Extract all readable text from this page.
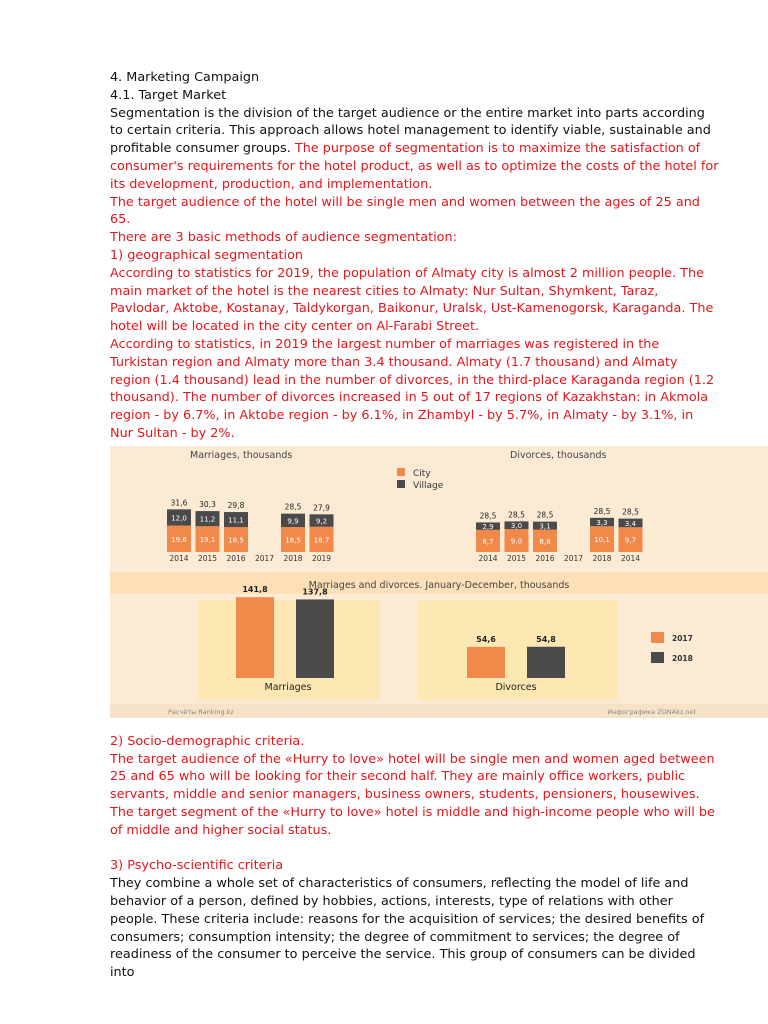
4. Marketing Campaign

4.1. Target Market

Segmentation is the division of the target audience or the entire market into parts according to certain criteria. This approach allows hotel management to identify viable, sustainable and profitable consumer groups. The purpose of segmentation is to maximize the satisfaction of consumer's requirements for the hotel product, as well as to optimize the costs of the hotel for its development, production, and implementation.

The target audience of the hotel will be single men and women between the ages of 25 and 65.

There are 3 basic methods of audience segmentation:

1) geographical segmentation

According to statistics for 2019, the population of Almaty city is almost 2 million people. The main market of the hotel is the nearest cities to Almaty: Nur Sultan, Shymkent, Taraz, Pavlodar, Aktobe, Kostanay, Taldykorgan, Baikonur, Uralsk, Ust-Kamenogorsk, Karaganda. The hotel will be located in the city center on Al-Farabi Street.

According to statistics, in 2019 the largest number of marriages was registered in the Turkistan region and Almaty more than 3.4 thousand. Almaty (1.7 thousand) and Almaty region (1.4 thousand) lead in the number of divorces, in the third-place Karaganda region (1.2 thousand). The number of divorces increased in 5 out of 17 regions of Kazakhstan: in Akmola region - by 6.7%, in Aktobe region - by 6.1%, in Zhambyl - by 5.7%, in Almaty - by 3.1%, in Nur Sultan - by 2%.

Marriages, thousands
2014
19,6
12,0
31,6
2015
19,1
11,2
30,3
2016
18,5
11,1
29,8
2017 2018
18,5
9,9
28,5
2019
18,7
9,2
27,9
Divorces, thousands
2014
8,7
2,9
28,5
2015
9,0
3,0
28,5
2016
8,8
3,1
28,5
2017 2018
10,1
3,3
28,5
2014
9,7
3,4
28,5
City
Village
Marriages and divorces. January-December, thousands
141,8	137,8
Marriages
54,6	54,8
Divorces
2017
2018
Расчёты Ranking.kz	Инфографика ZONAkz.net

2) Socio-demographic criteria.

The target audience of the «Hurry to love» hotel will be single men and women aged between 25 and 65 who will be looking for their second half. They are mainly office workers, public servants, middle and senior managers, business owners, students, pensioners, housewives. The target segment of the «Hurry to love» hotel is middle and high-income people who will be of middle and higher social status.

3) Psycho-scientific criteria

They combine a whole set of characteristics of consumers, reflecting the model of life and behavior of a person, defined by hobbies, actions, interests, type of relations with other people. These criteria include: reasons for the acquisition of services; the desired benefits of consumers; consumption intensity; the degree of commitment to services; the degree of readiness of the consumer to perceive the service. This group of consumers can be divided into
